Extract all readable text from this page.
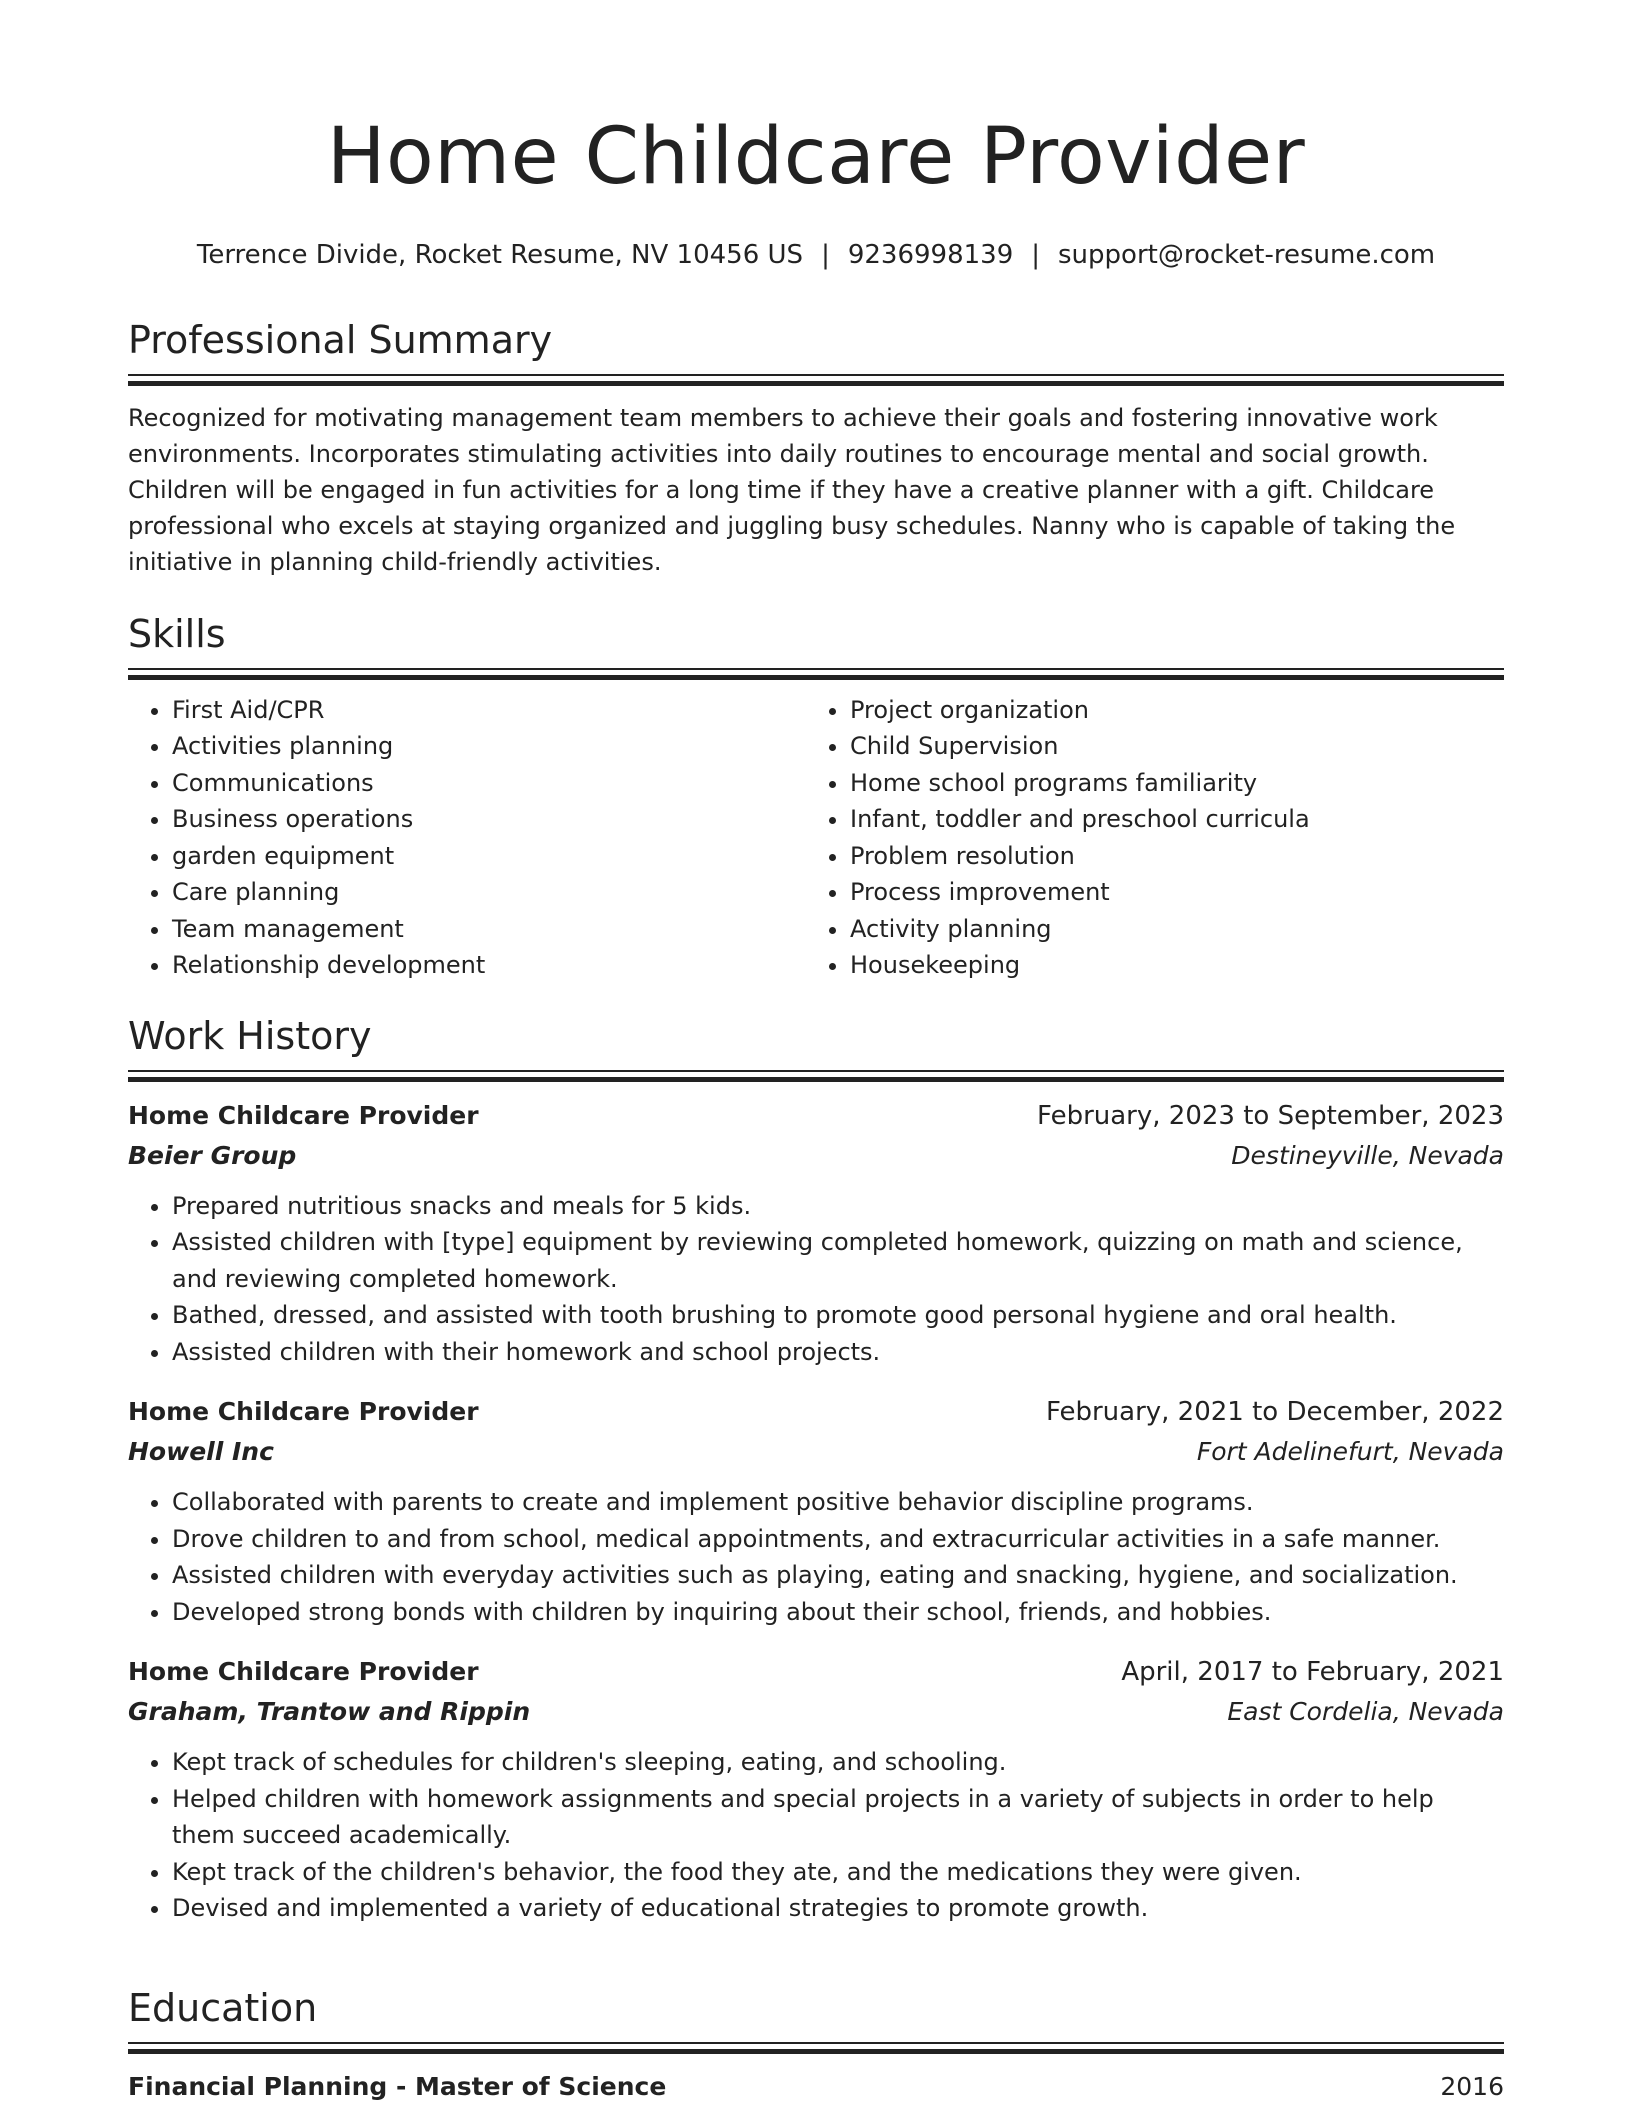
Home Childcare Provider
Terrence Divide, Rocket Resume, NV 10456 US | 9236998139 | support@rocket-resume.com
Professional Summary
Recognized for motivating management team members to achieve their goals and fostering innovative work environments. Incorporates stimulating activities into daily routines to encourage mental and social growth. Children will be engaged in fun activities for a long time if they have a creative planner with a gift. Childcare professional who excels at staying organized and juggling busy schedules. Nanny who is capable of taking the initiative in planning child-friendly activities.
Skills
• First Aid/CPR
• Activities planning
• Communications
• Business operations
• garden equipment
• Care planning
• Team management
• Relationship development
• Project organization
• Child Supervision
• Home school programs familiarity
• Infant, toddler and preschool curricula
• Problem resolution
• Process improvement
• Activity planning
• Housekeeping
Work History
Home Childcare Provider	February, 2023 to September, 2023
Beier Group	Destineyville, Nevada
• Prepared nutritious snacks and meals for 5 kids.
• Assisted children with [type] equipment by reviewing completed homework, quizzing on math and science, and reviewing completed homework.
• Bathed, dressed, and assisted with tooth brushing to promote good personal hygiene and oral health.
• Assisted children with their homework and school projects.
Home Childcare Provider	February, 2021 to December, 2022
Howell Inc	Fort Adelinefurt, Nevada
• Collaborated with parents to create and implement positive behavior discipline programs.
• Drove children to and from school, medical appointments, and extracurricular activities in a safe manner.
• Assisted children with everyday activities such as playing, eating and snacking, hygiene, and socialization.
• Developed strong bonds with children by inquiring about their school, friends, and hobbies.
Home Childcare Provider	April, 2017 to February, 2021
Graham, Trantow and Rippin	East Cordelia, Nevada
• Kept track of schedules for children's sleeping, eating, and schooling.
• Helped children with homework assignments and special projects in a variety of subjects in order to help them succeed academically.
• Kept track of the children's behavior, the food they ate, and the medications they were given.
• Devised and implemented a variety of educational strategies to promote growth.
Education
Financial Planning - Master of Science	2016
